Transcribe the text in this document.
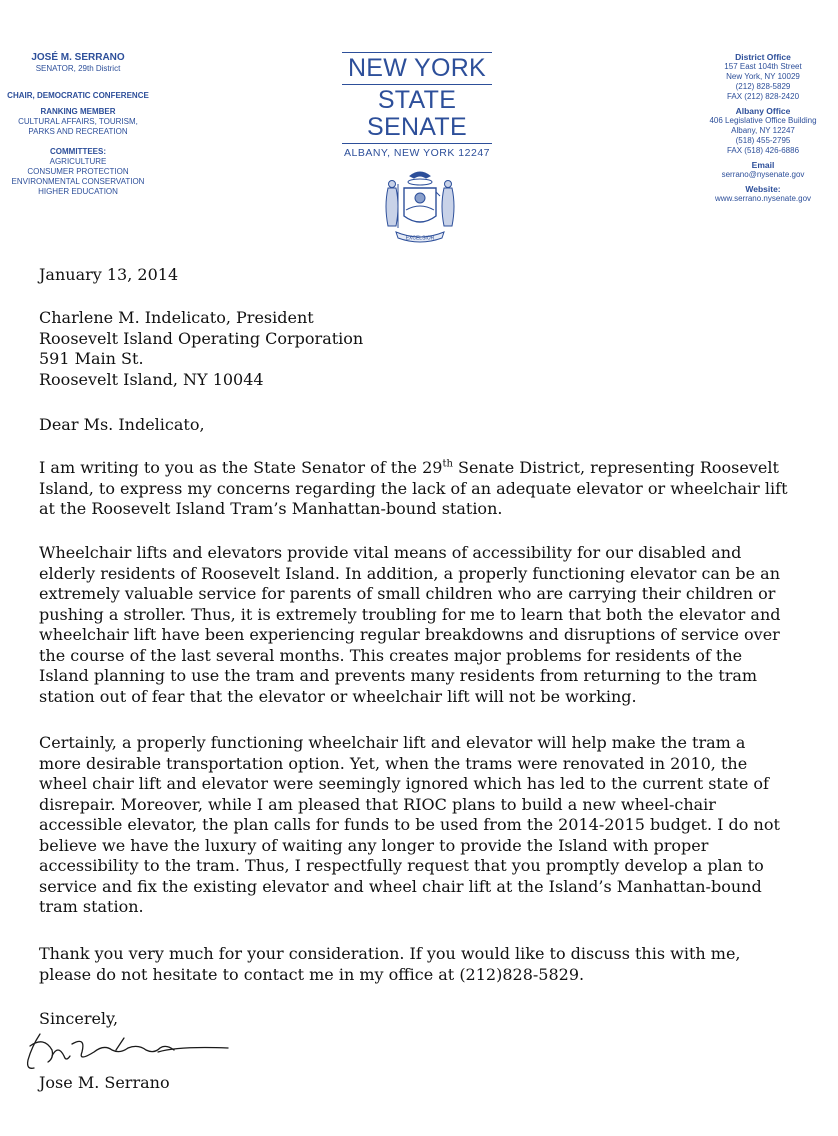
JOSÉ M. SERRANO
SENATOR, 29th District
CHAIR, DEMOCRATIC CONFERENCE
RANKING MEMBER
CULTURAL AFFAIRS, TOURISM,
PARKS AND RECREATION
COMMITTEES:
AGRICULTURE
CONSUMER PROTECTION
ENVIRONMENTAL CONSERVATION
HIGHER EDUCATION
NEW YORK
STATE
SENATE
ALBANY, NEW YORK 12247
EXCELSIOR
District Office
157 East 104th Street
New York, NY 10029
(212) 828-5829
FAX (212) 828-2420
Albany Office
406 Legislative Office Building
Albany, NY 12247
(518) 455-2795
FAX (518) 426-6886
Email
serrano@nysenate.gov
Website:
www.serrano.nysenate.gov
January 13, 2014
Charlene M. Indelicato, President
Roosevelt Island Operating Corporation
591 Main St.
Roosevelt Island, NY 10044
Dear Ms. Indelicato,
I am writing to you as the State Senator of the 29th Senate District, representing Roosevelt
Island, to express my concerns regarding the lack of an adequate elevator or wheelchair lift
at the Roosevelt Island Tram’s Manhattan-bound station.
Wheelchair lifts and elevators provide vital means of accessibility for our disabled and
elderly residents of Roosevelt Island. In addition, a properly functioning elevator can be an
extremely valuable service for parents of small children who are carrying their children or
pushing a stroller. Thus, it is extremely troubling for me to learn that both the elevator and
wheelchair lift have been experiencing regular breakdowns and disruptions of service over
the course of the last several months. This creates major problems for residents of the
Island planning to use the tram and prevents many residents from returning to the tram
station out of fear that the elevator or wheelchair lift will not be working.
Certainly, a properly functioning wheelchair lift and elevator will help make the tram a
more desirable transportation option. Yet, when the trams were renovated in 2010, the
wheel chair lift and elevator were seemingly ignored which has led to the current state of
disrepair. Moreover, while I am pleased that RIOC plans to build a new wheel-chair
accessible elevator, the plan calls for funds to be used from the 2014-2015 budget. I do not
believe we have the luxury of waiting any longer to provide the Island with proper
accessibility to the tram. Thus, I respectfully request that you promptly develop a plan to
service and fix the existing elevator and wheel chair lift at the Island’s Manhattan-bound
tram station.
Thank you very much for your consideration. If you would like to discuss this with me,
please do not hesitate to contact me in my office at (212)828-5829.
Sincerely,
Jose M. Serrano
